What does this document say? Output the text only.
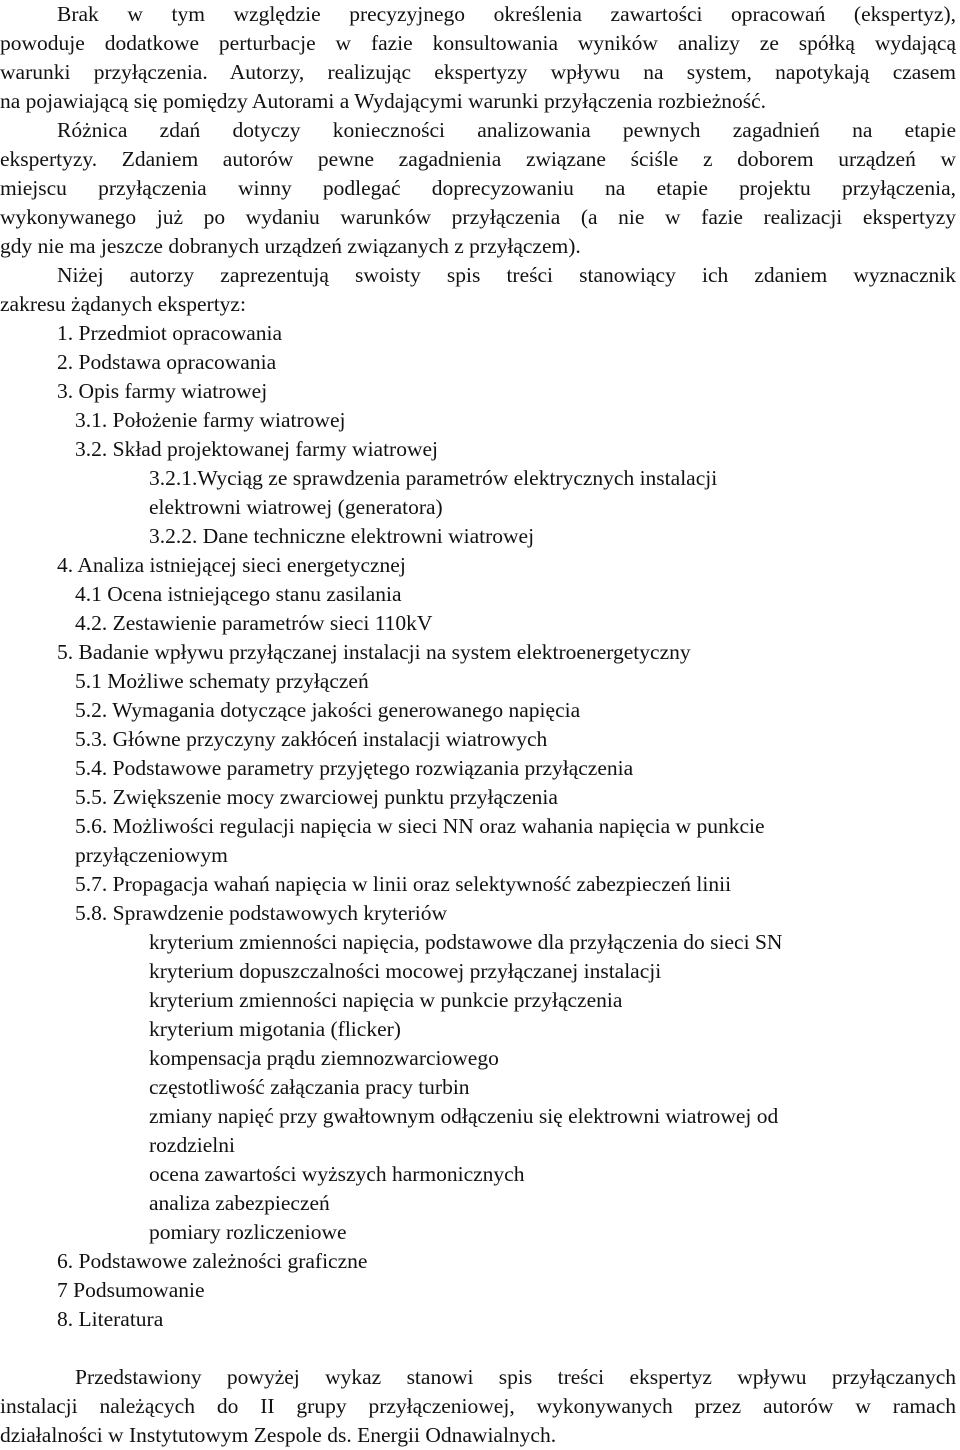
Brak w tym względzie precyzyjnego określenia zawartości opracowań (ekspertyz),
powoduje dodatkowe perturbacje w fazie konsultowania wyników analizy ze spółką wydającą
warunki przyłączenia. Autorzy, realizując ekspertyzy wpływu na system, napotykają czasem
na pojawiającą się pomiędzy Autorami a Wydającymi warunki przyłączenia rozbieżność.
Różnica zdań dotyczy konieczności analizowania pewnych zagadnień na etapie
ekspertyzy. Zdaniem autorów pewne zagadnienia związane ściśle z doborem urządzeń w
miejscu przyłączenia winny podlegać doprecyzowaniu na etapie projektu przyłączenia,
wykonywanego już po wydaniu warunków przyłączenia (a nie w fazie realizacji ekspertyzy
gdy nie ma jeszcze dobranych urządzeń związanych z przyłączem).
Niżej autorzy zaprezentują swoisty spis treści stanowiący ich zdaniem wyznacznik
zakresu żądanych ekspertyz:
1. Przedmiot opracowania
2. Podstawa opracowania
3. Opis farmy wiatrowej
3.1. Położenie farmy wiatrowej
3.2. Skład projektowanej farmy wiatrowej
3.2.1.Wyciąg ze sprawdzenia parametrów elektrycznych instalacji
elektrowni wiatrowej (generatora)
3.2.2. Dane techniczne elektrowni wiatrowej
4. Analiza istniejącej sieci energetycznej
4.1 Ocena istniejącego stanu zasilania
4.2. Zestawienie parametrów sieci 110kV
5. Badanie wpływu przyłączanej instalacji na system elektroenergetyczny
5.1 Możliwe schematy przyłączeń
5.2. Wymagania dotyczące jakości generowanego napięcia
5.3. Główne przyczyny zakłóceń instalacji wiatrowych
5.4. Podstawowe parametry przyjętego rozwiązania przyłączenia
5.5. Zwiększenie mocy zwarciowej punktu przyłączenia
5.6. Możliwości regulacji napięcia w sieci NN oraz wahania napięcia w punkcie
przyłączeniowym
5.7. Propagacja wahań napięcia w linii oraz selektywność zabezpieczeń linii
5.8. Sprawdzenie podstawowych kryteriów
kryterium zmienności napięcia, podstawowe dla przyłączenia do sieci SN
kryterium dopuszczalności mocowej przyłączanej instalacji
kryterium zmienności napięcia w punkcie przyłączenia
kryterium migotania (flicker)
kompensacja prądu ziemnozwarciowego
częstotliwość załączania pracy turbin
zmiany napięć przy gwałtownym odłączeniu się elektrowni wiatrowej od
rozdzielni
ocena zawartości wyższych harmonicznych
analiza zabezpieczeń
pomiary rozliczeniowe
6. Podstawowe zależności graficzne
7 Podsumowanie
8. Literatura
Przedstawiony powyżej wykaz stanowi spis treści ekspertyz wpływu przyłączanych
instalacji należących do II grupy przyłączeniowej, wykonywanych przez autorów w ramach
działalności w Instytutowym Zespole ds. Energii Odnawialnych.
